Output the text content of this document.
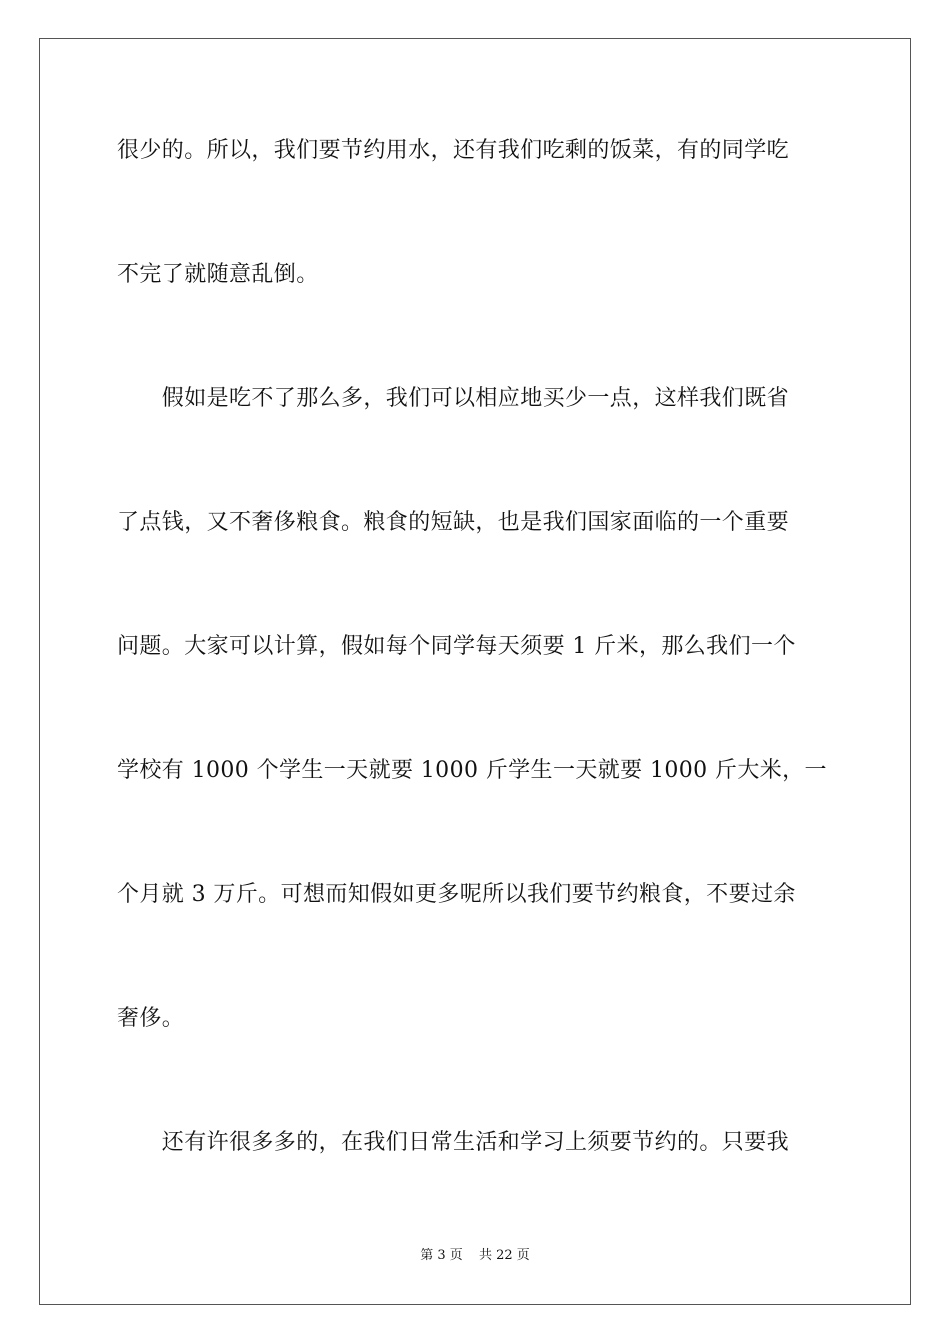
很少的。所以，我们要节约用水，还有我们吃剩的饭菜，有的同学吃
不完了就随意乱倒。
　　假如是吃不了那么多，我们可以相应地买少一点，这样我们既省
了点钱，又不奢侈粮食。粮食的短缺，也是我们国家面临的一个重要
问题。大家可以计算，假如每个同学每天须要 1 斤米，那么我们一个
学校有 1000 个学生一天就要 1000 斤学生一天就要 1000 斤大米，一
个月就 3 万斤。可想而知假如更多呢所以我们要节约粮食，不要过余
奢侈。
　　还有许很多多的，在我们日常生活和学习上须要节约的。只要我
第 3 页 共 22 页
